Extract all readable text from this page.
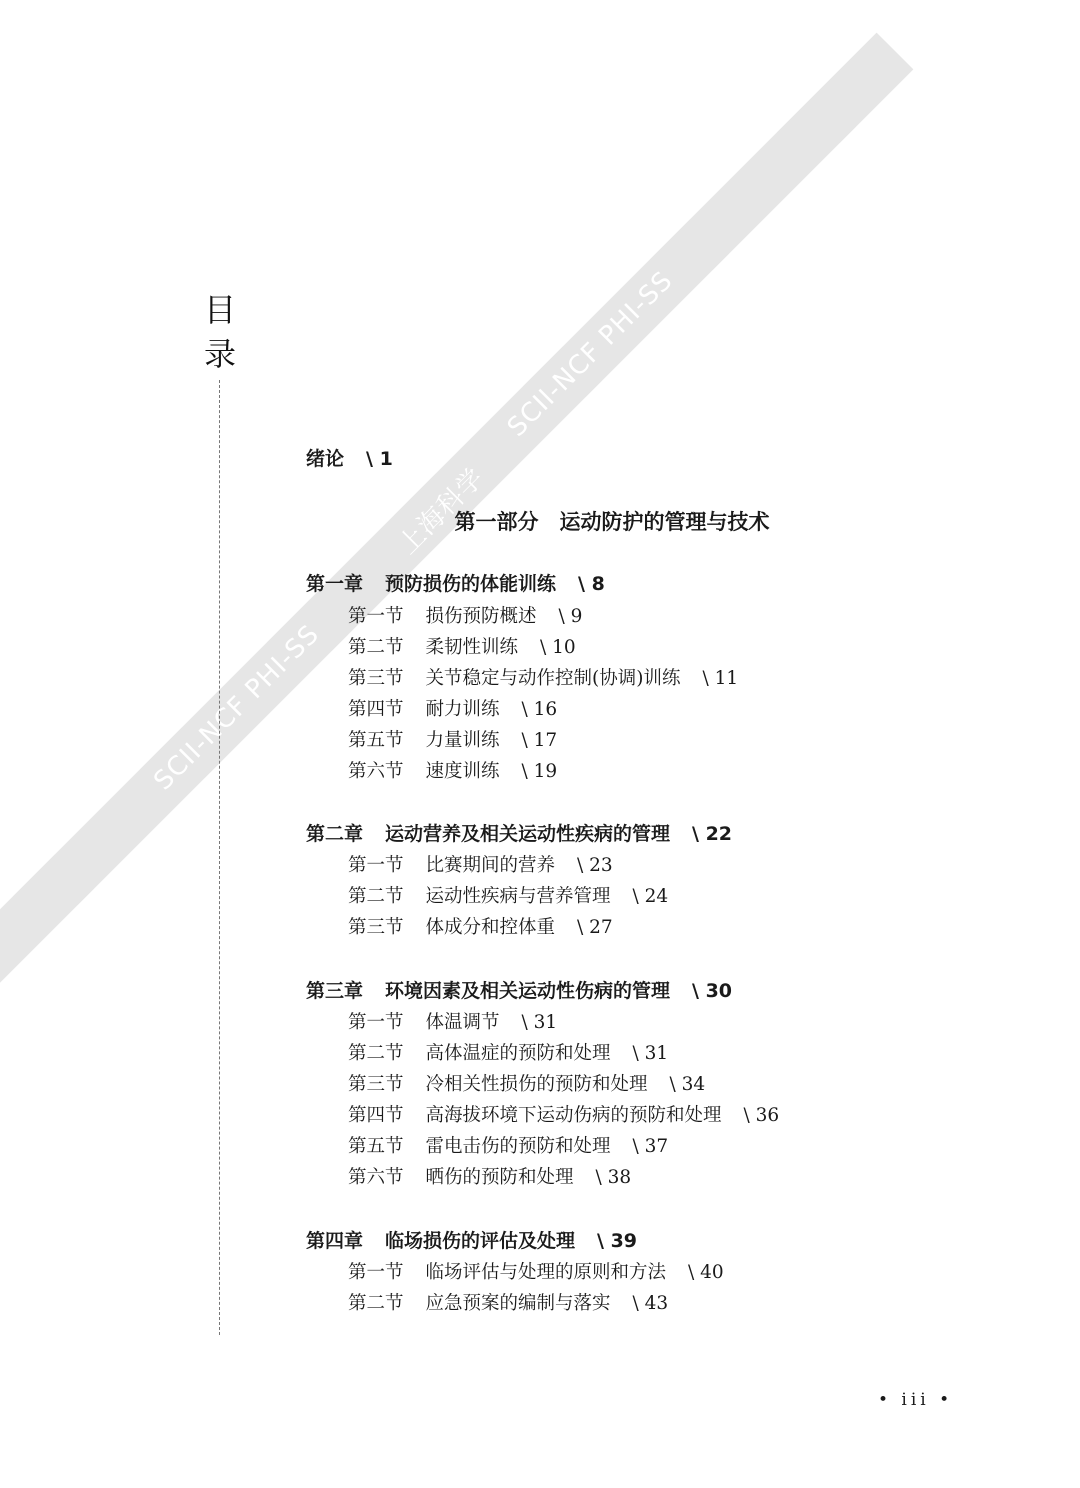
SCII-NCF PHI-SS
上海科学
SCII-NCF PHI-SS
目
录
绪论 \ 1
第一部分　运动防护的管理与技术
第一章 预防损伤的体能训练 \ 8
第一节 损伤预防概述 \ 9
第二节 柔韧性训练 \ 10
第三节 关节稳定与动作控制(协调)训练 \ 11
第四节 耐力训练 \ 16
第五节 力量训练 \ 17
第六节 速度训练 \ 19
第二章 运动营养及相关运动性疾病的管理 \ 22
第一节 比赛期间的营养 \ 23
第二节 运动性疾病与营养管理 \ 24
第三节 体成分和控体重 \ 27
第三章 环境因素及相关运动性伤病的管理 \ 30
第一节 体温调节 \ 31
第二节 高体温症的预防和处理 \ 31
第三节 冷相关性损伤的预防和处理 \ 34
第四节 高海拔环境下运动伤病的预防和处理 \ 36
第五节 雷电击伤的预防和处理 \ 37
第六节 晒伤的预防和处理 \ 38
第四章 临场损伤的评估及处理 \ 39
第一节 临场评估与处理的原则和方法 \ 40
第二节 应急预案的编制与落实 \ 43
• iii •
